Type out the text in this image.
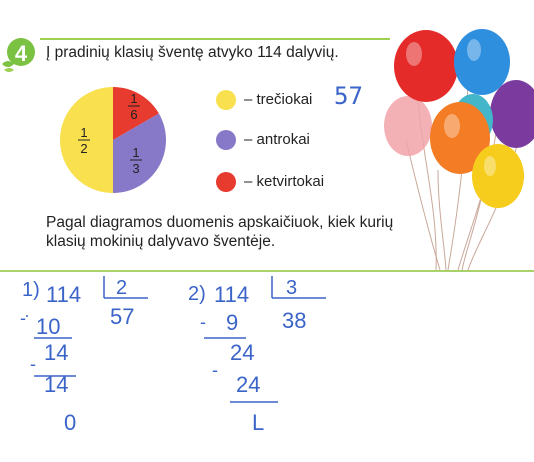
4	Į pradinių klasių šventę atvyko 114 dalyvių.
1
2
1
6
1
3
– trečiokai 57
– antrokai
– ketvirtokai
Pagal diagramos duomenis apskaičiuok, kiek kurių
klasių mokinių dalyvavo šventėje.
1) 114 2
57
- 10
- 14
14
0
2) 114 3
38
- 9
-
24
24
L
